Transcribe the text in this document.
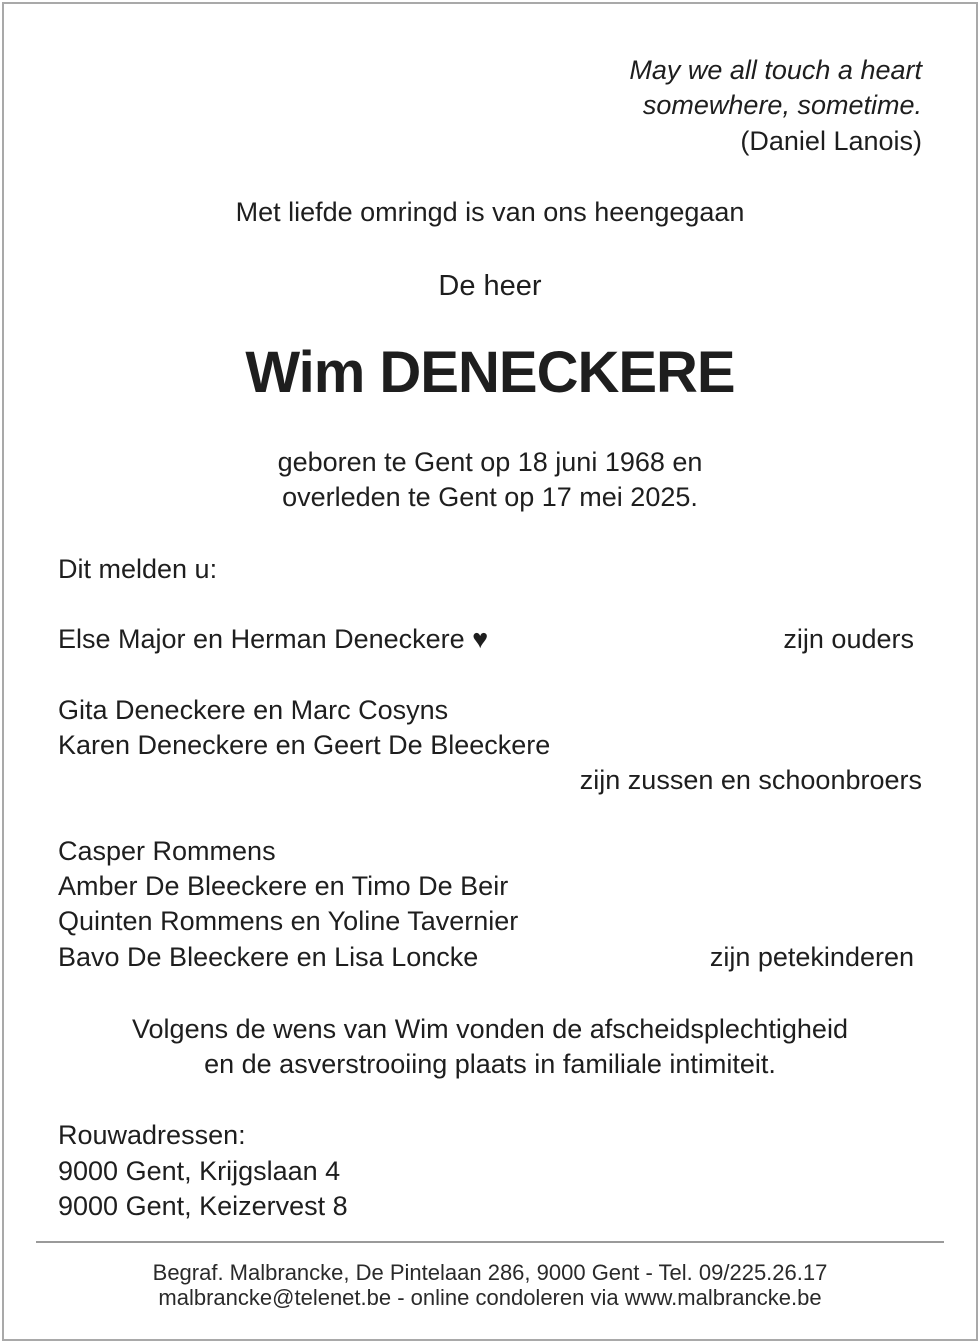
May we all touch a heart
somewhere, sometime.
(Daniel Lanois)
Met liefde omringd is van ons heengegaan
De heer
Wim DENECKERE
geboren te Gent op 18 juni 1968 en
overleden te Gent op 17 mei 2025.
Dit melden u:
Else Major en Herman Deneckere ♥	zijn ouders
Gita Deneckere en Marc Cosyns
Karen Deneckere en Geert De Bleeckere
zijn zussen en schoonbroers
Casper Rommens
Amber De Bleeckere en Timo De Beir
Quinten Rommens en Yoline Tavernier
Bavo De Bleeckere en Lisa Loncke	zijn petekinderen
Volgens de wens van Wim vonden de afscheidsplechtigheid
en de asverstrooiing plaats in familiale intimiteit.
Rouwadressen:
9000 Gent, Krijgslaan 4
9000 Gent, Keizervest 8
Begraf. Malbrancke, De Pintelaan 286, 9000 Gent - Tel. 09/225.26.17
malbrancke@telenet.be - online condoleren via www.malbrancke.be
